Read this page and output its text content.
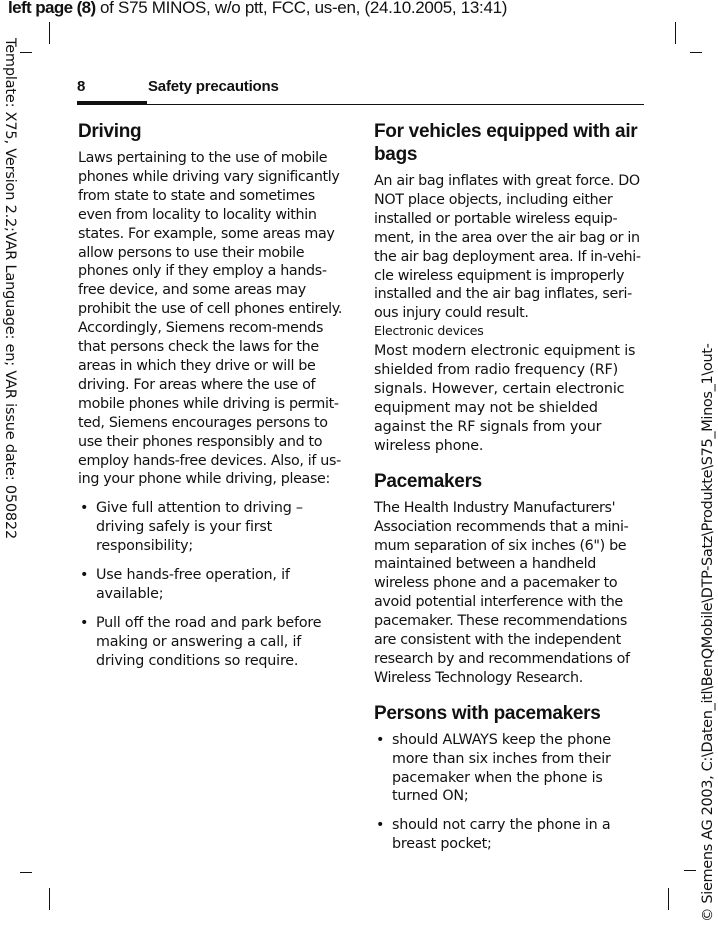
left page (8) of S75 MINOS, w/o ptt, FCC, us-en, (24.10.2005, 13:41)
Template: X75, Version 2.2;VAR Language: en; VAR issue date: 050822
© Siemens AG 2003, C:\Daten_itl\BenQMobile\DTP-Satz\Produkte\S75_Minos_1\out-
8	Safety precautions
Driving

Laws pertaining to the use of mobile phones while driving vary significantly from state to state and sometimes even from locality to locality within states. For example, some areas may allow persons to use their mobile phones only if they employ a hands-free device, and some areas may prohibit the use of cell phones entirely. Accordingly, Siemens recom-mends that persons check the laws for the areas in which they drive or will be driving. For areas where the use of mobile phones while driving is permit-ted, Siemens encourages persons to use their phones responsibly and to employ hands-free devices. Also, if us-ing your phone while driving, please:

• Give full attention to driving – driving safely is your first responsibility;
• Use hands-free operation, if available;
• Pull off the road and park before making or answering a call, if driving conditions so require.
For vehicles equipped with air bags

An air bag inflates with great force. DO NOT place objects, including either installed or portable wireless equip-ment, in the area over the air bag or in the air bag deployment area. If in-vehi-cle wireless equipment is improperly installed and the air bag inflates, seri-ous injury could result.

Electronic devices

Most modern electronic equipment is shielded from radio frequency (RF) signals. However, certain electronic equipment may not be shielded against the RF signals from your wireless phone.

Pacemakers

The Health Industry Manufacturers' Association recommends that a mini-mum separation of six inches (6") be maintained between a handheld wireless phone and a pacemaker to avoid potential interference with the pacemaker. These recommendations are consistent with the independent research by and recommendations of Wireless Technology Research.

Persons with pacemakers
• should ALWAYS keep the phone more than six inches from their pacemaker when the phone is turned ON;
• should not carry the phone in a breast pocket;
